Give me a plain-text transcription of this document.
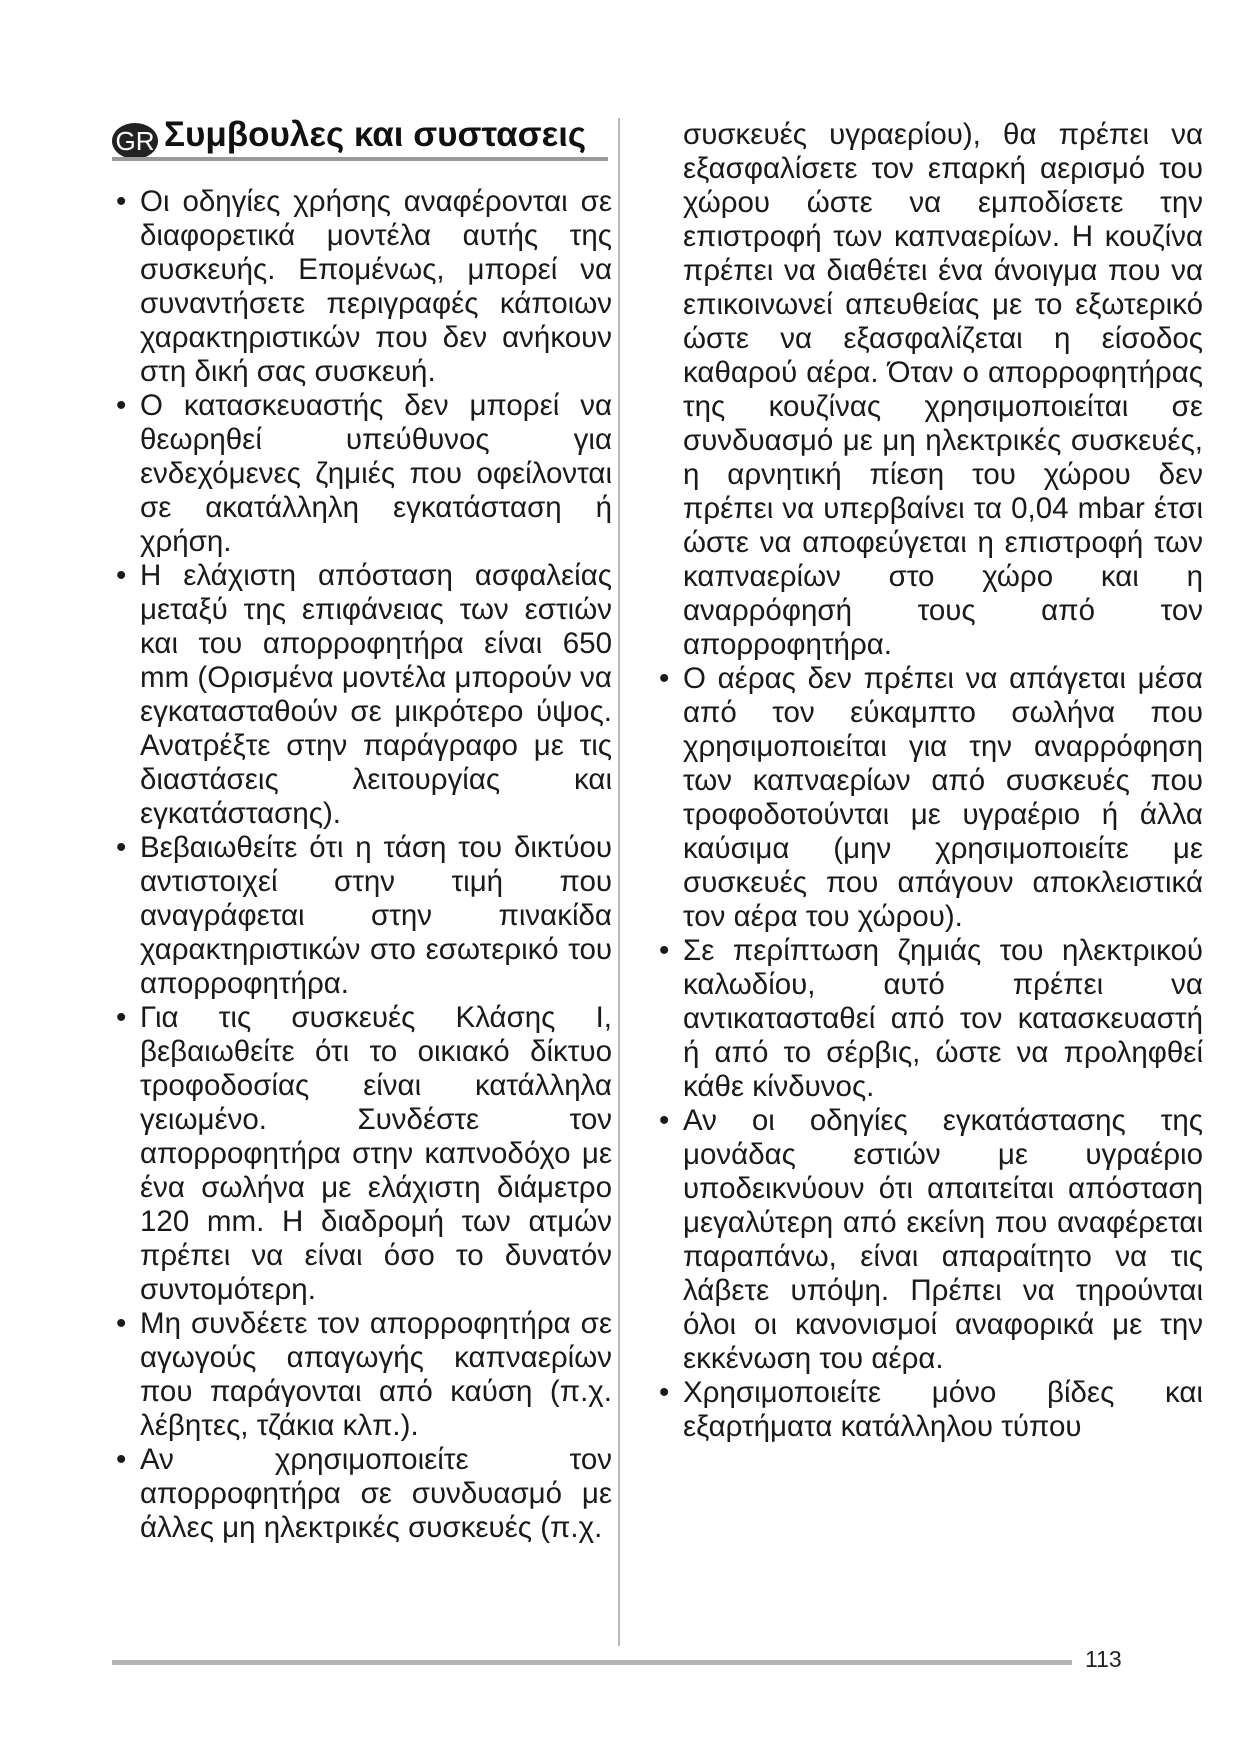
GR Συμβουλες και συστασεις
• Οι οδηγίες χρήσης αναφέρονται σε διαφορετικά μοντέλα αυτής της συσκευής. Επομένως, μπορεί να συναντήσετε περιγραφές κάποιων χαρακτηριστικών που δεν ανήκουν στη δική σας συσκευή.
• Ο κατασκευαστής δεν μπορεί να θεωρηθεί υπεύθυνος για ενδεχόμενες ζημιές που οφείλονται σε ακατάλληλη εγκατάσταση ή χρήση.
• Η ελάχιστη απόσταση ασφαλείας μεταξύ της επιφάνειας των εστιών και του απορροφητήρα είναι 650 mm (Ορισμένα μοντέλα μπορούν να εγκατασταθούν σε μικρότερο ύψος. Ανατρέξτε στην παράγραφο με τις διαστάσεις λειτουργίας και εγκατάστασης).
• Βεβαιωθείτε ότι η τάση του δικτύου αντιστοιχεί στην τιμή που αναγράφεται στην πινακίδα χαρακτηριστικών στο εσωτερικό του απορροφητήρα.
• Για τις συσκευές Κλάσης I, βεβαιωθείτε ότι το οικιακό δίκτυο τροφοδοσίας είναι κατάλληλα γειωμένο. Συνδέστε τον απορροφητήρα στην καπνοδόχο με ένα σωλήνα με ελάχιστη διάμετρο 120 mm. Η διαδρομή των ατμών πρέπει να είναι όσο το δυνατόν συντομότερη.
• Μη συνδέετε τον απορροφητήρα σε αγωγούς απαγωγής καπναερίων που παράγονται από καύση (π.χ. λέβητες, τζάκια κλπ.).
• Αν χρησιμοποιείτε τον απορροφητήρα σε συνδυασμό με άλλες μη ηλεκτρικές συσκευές (π.χ.
συσκευές υγραερίου), θα πρέπει να εξασφαλίσετε τον επαρκή αερισμό του χώρου ώστε να εμποδίσετε την επιστροφή των καπναερίων. Η κουζίνα πρέπει να διαθέτει ένα άνοιγμα που να επικοινωνεί απευθείας με το εξωτερικό ώστε να εξασφαλίζεται η είσοδος καθαρού αέρα. Όταν ο απορροφητήρας της κουζίνας χρησιμοποιείται σε συνδυασμό με μη ηλεκτρικές συσκευές, η αρνητική πίεση του χώρου δεν πρέπει να υπερβαίνει τα 0,04 mbar έτσι ώστε να αποφεύγεται η επιστροφή των καπναερίων στο χώρο και η αναρρόφησή τους από τον απορροφητήρα.
• Ο αέρας δεν πρέπει να απάγεται μέσα από τον εύκαμπτο σωλήνα που χρησιμοποιείται για την αναρρόφηση των καπναερίων από συσκευές που τροφοδοτούνται με υγραέριο ή άλλα καύσιμα (μην χρησιμοποιείτε με συσκευές που απάγουν αποκλειστικά τον αέρα του χώρου).
• Σε περίπτωση ζημιάς του ηλεκτρικού καλωδίου, αυτό πρέπει να αντικατασταθεί από τον κατασκευαστή ή από το σέρβις, ώστε να προληφθεί κάθε κίνδυνος.
• Αν οι οδηγίες εγκατάστασης της μονάδας εστιών με υγραέριο υποδεικνύουν ότι απαιτείται απόσταση μεγαλύτερη από εκείνη που αναφέρεται παραπάνω, είναι απαραίτητο να τις λάβετε υπόψη. Πρέπει να τηρούνται όλοι οι κανονισμοί αναφορικά με την εκκένωση του αέρα.
• Χρησιμοποιείτε μόνο βίδες και εξαρτήματα κατάλληλου τύπου
113
